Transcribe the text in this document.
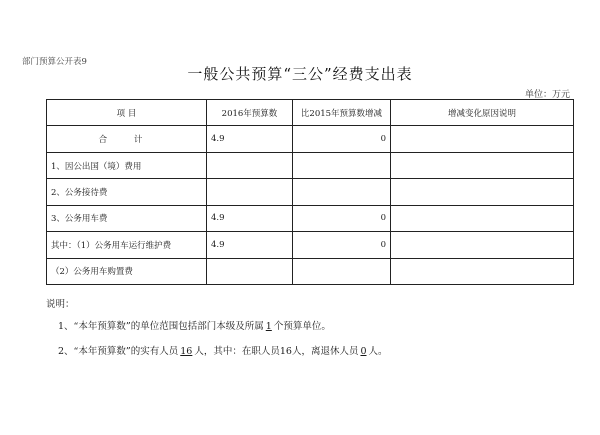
部门预算公开表9
一般公共预算“三公”经费支出表
单位：万元
项 目	2016年预算数	比2015年预算数增减	增减变化原因说明
合 计	4.9	0	
1、因公出国（境）费用			
2、公务接待费			
3、公务用车费	4.9	0	
其中：（1）公务用车运行维护费	4.9	0	
（2）公务用车购置费			
说明：
1、“本年预算数”的单位范围包括部门本级及所属 1 个预算单位。
2、“本年预算数”的实有人员 16 人，其中：在职人员16人，离退休人员 0 人。
